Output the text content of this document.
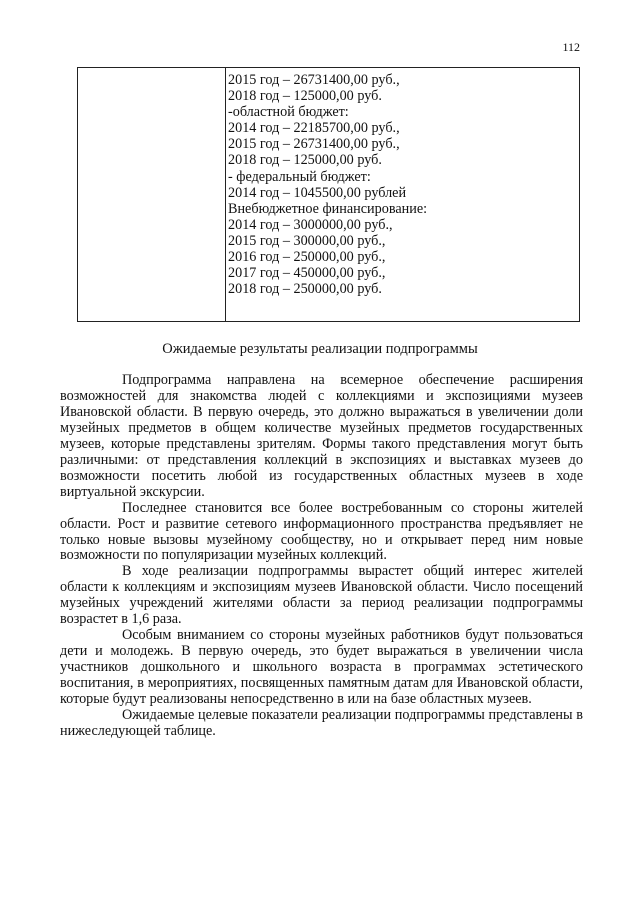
112
2015 год – 26731400,00 руб.,
2018 год – 125000,00 руб.
-областной бюджет:
2014 год – 22185700,00 руб.,
2015 год – 26731400,00 руб.,
2018 год – 125000,00 руб.
- федеральный бюджет:
2014 год – 1045500,00 рублей
Внебюджетное финансирование:
2014 год – 3000000,00 руб.,
2015 год – 300000,00 руб.,
2016 год – 250000,00 руб.,
2017 год – 450000,00 руб.,
2018 год – 250000,00 руб.
Ожидаемые результаты реализации подпрограммы

Подпрограмма направлена на всемерное обеспечение расширения возможностей для знакомства людей с коллекциями и экспозициями музеев Ивановской области. В первую очередь, это должно выражаться в увеличении доли музейных предметов в общем количестве музейных предметов государственных музеев, которые представлены зрителям. Формы такого представления могут быть различными: от представления коллекций в экспозициях и выставках музеев до возможности посетить любой из государственных областных музеев в ходе виртуальной экскурсии.

Последнее становится все более востребованным со стороны жителей области. Рост и развитие сетевого информационного пространства предъявляет не только новые вызовы музейному сообществу, но и открывает перед ним новые возможности по популяризации музейных коллекций.

В ходе реализации подпрограммы вырастет общий интерес жителей области к коллекциям и экспозициям музеев Ивановской области. Число посещений музейных учреждений жителями области за период реализации подпрограммы возрастет в 1,6 раза.

Особым вниманием со стороны музейных работников будут пользоваться дети и молодежь. В первую очередь, это будет выражаться в увеличении числа участников дошкольного и школьного возраста в программах эстетического воспитания, в мероприятиях, посвященных памятным датам для Ивановской области, которые будут реализованы непосредственно в или на базе областных музеев.

Ожидаемые целевые показатели реализации подпрограммы представлены в нижеследующей таблице.
